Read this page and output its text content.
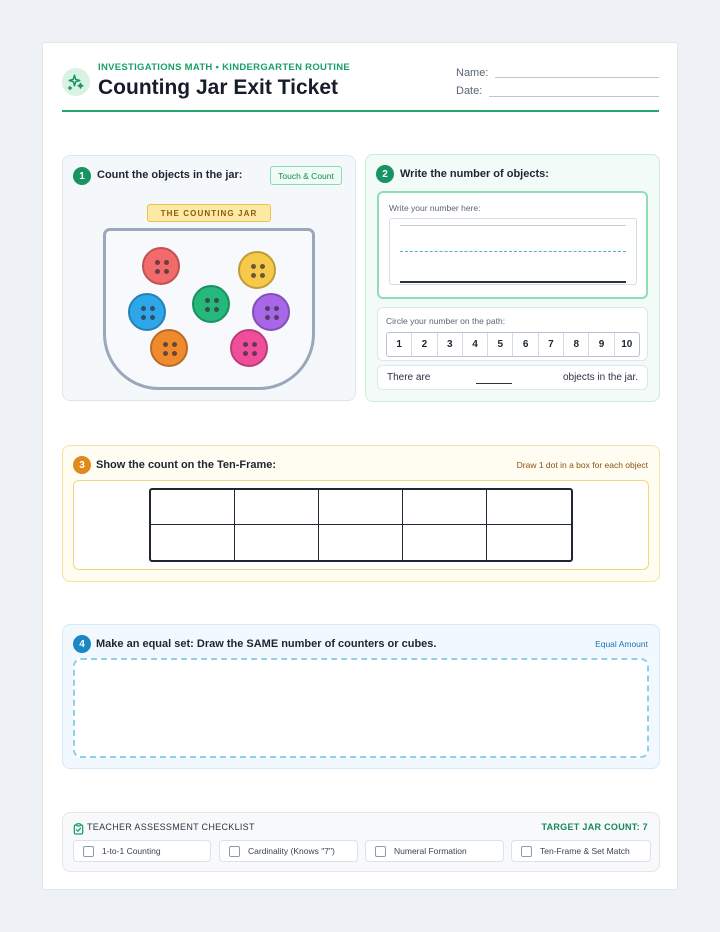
INVESTIGATIONS MATH • KINDERGARTEN ROUTINE
Counting Jar Exit Ticket
Name:
Date:
1	Count the objects in the jar:	Touch & Count
THE COUNTING JAR
2	Write the number of objects:
Write your number here:
Circle your number on the path:
1	2	3	4	5	6	7	8	9	10
There are	objects in the jar.
3	Show the count on the Ten-Frame:	Draw 1 dot in a box for each object
4	Make an equal set: Draw the SAME number of counters or cubes.	Equal Amount
TEACHER ASSESSMENT CHECKLIST	TARGET JAR COUNT: 7
1-to-1 Counting	Cardinality (Knows "7")	Numeral Formation	Ten-Frame & Set Match
